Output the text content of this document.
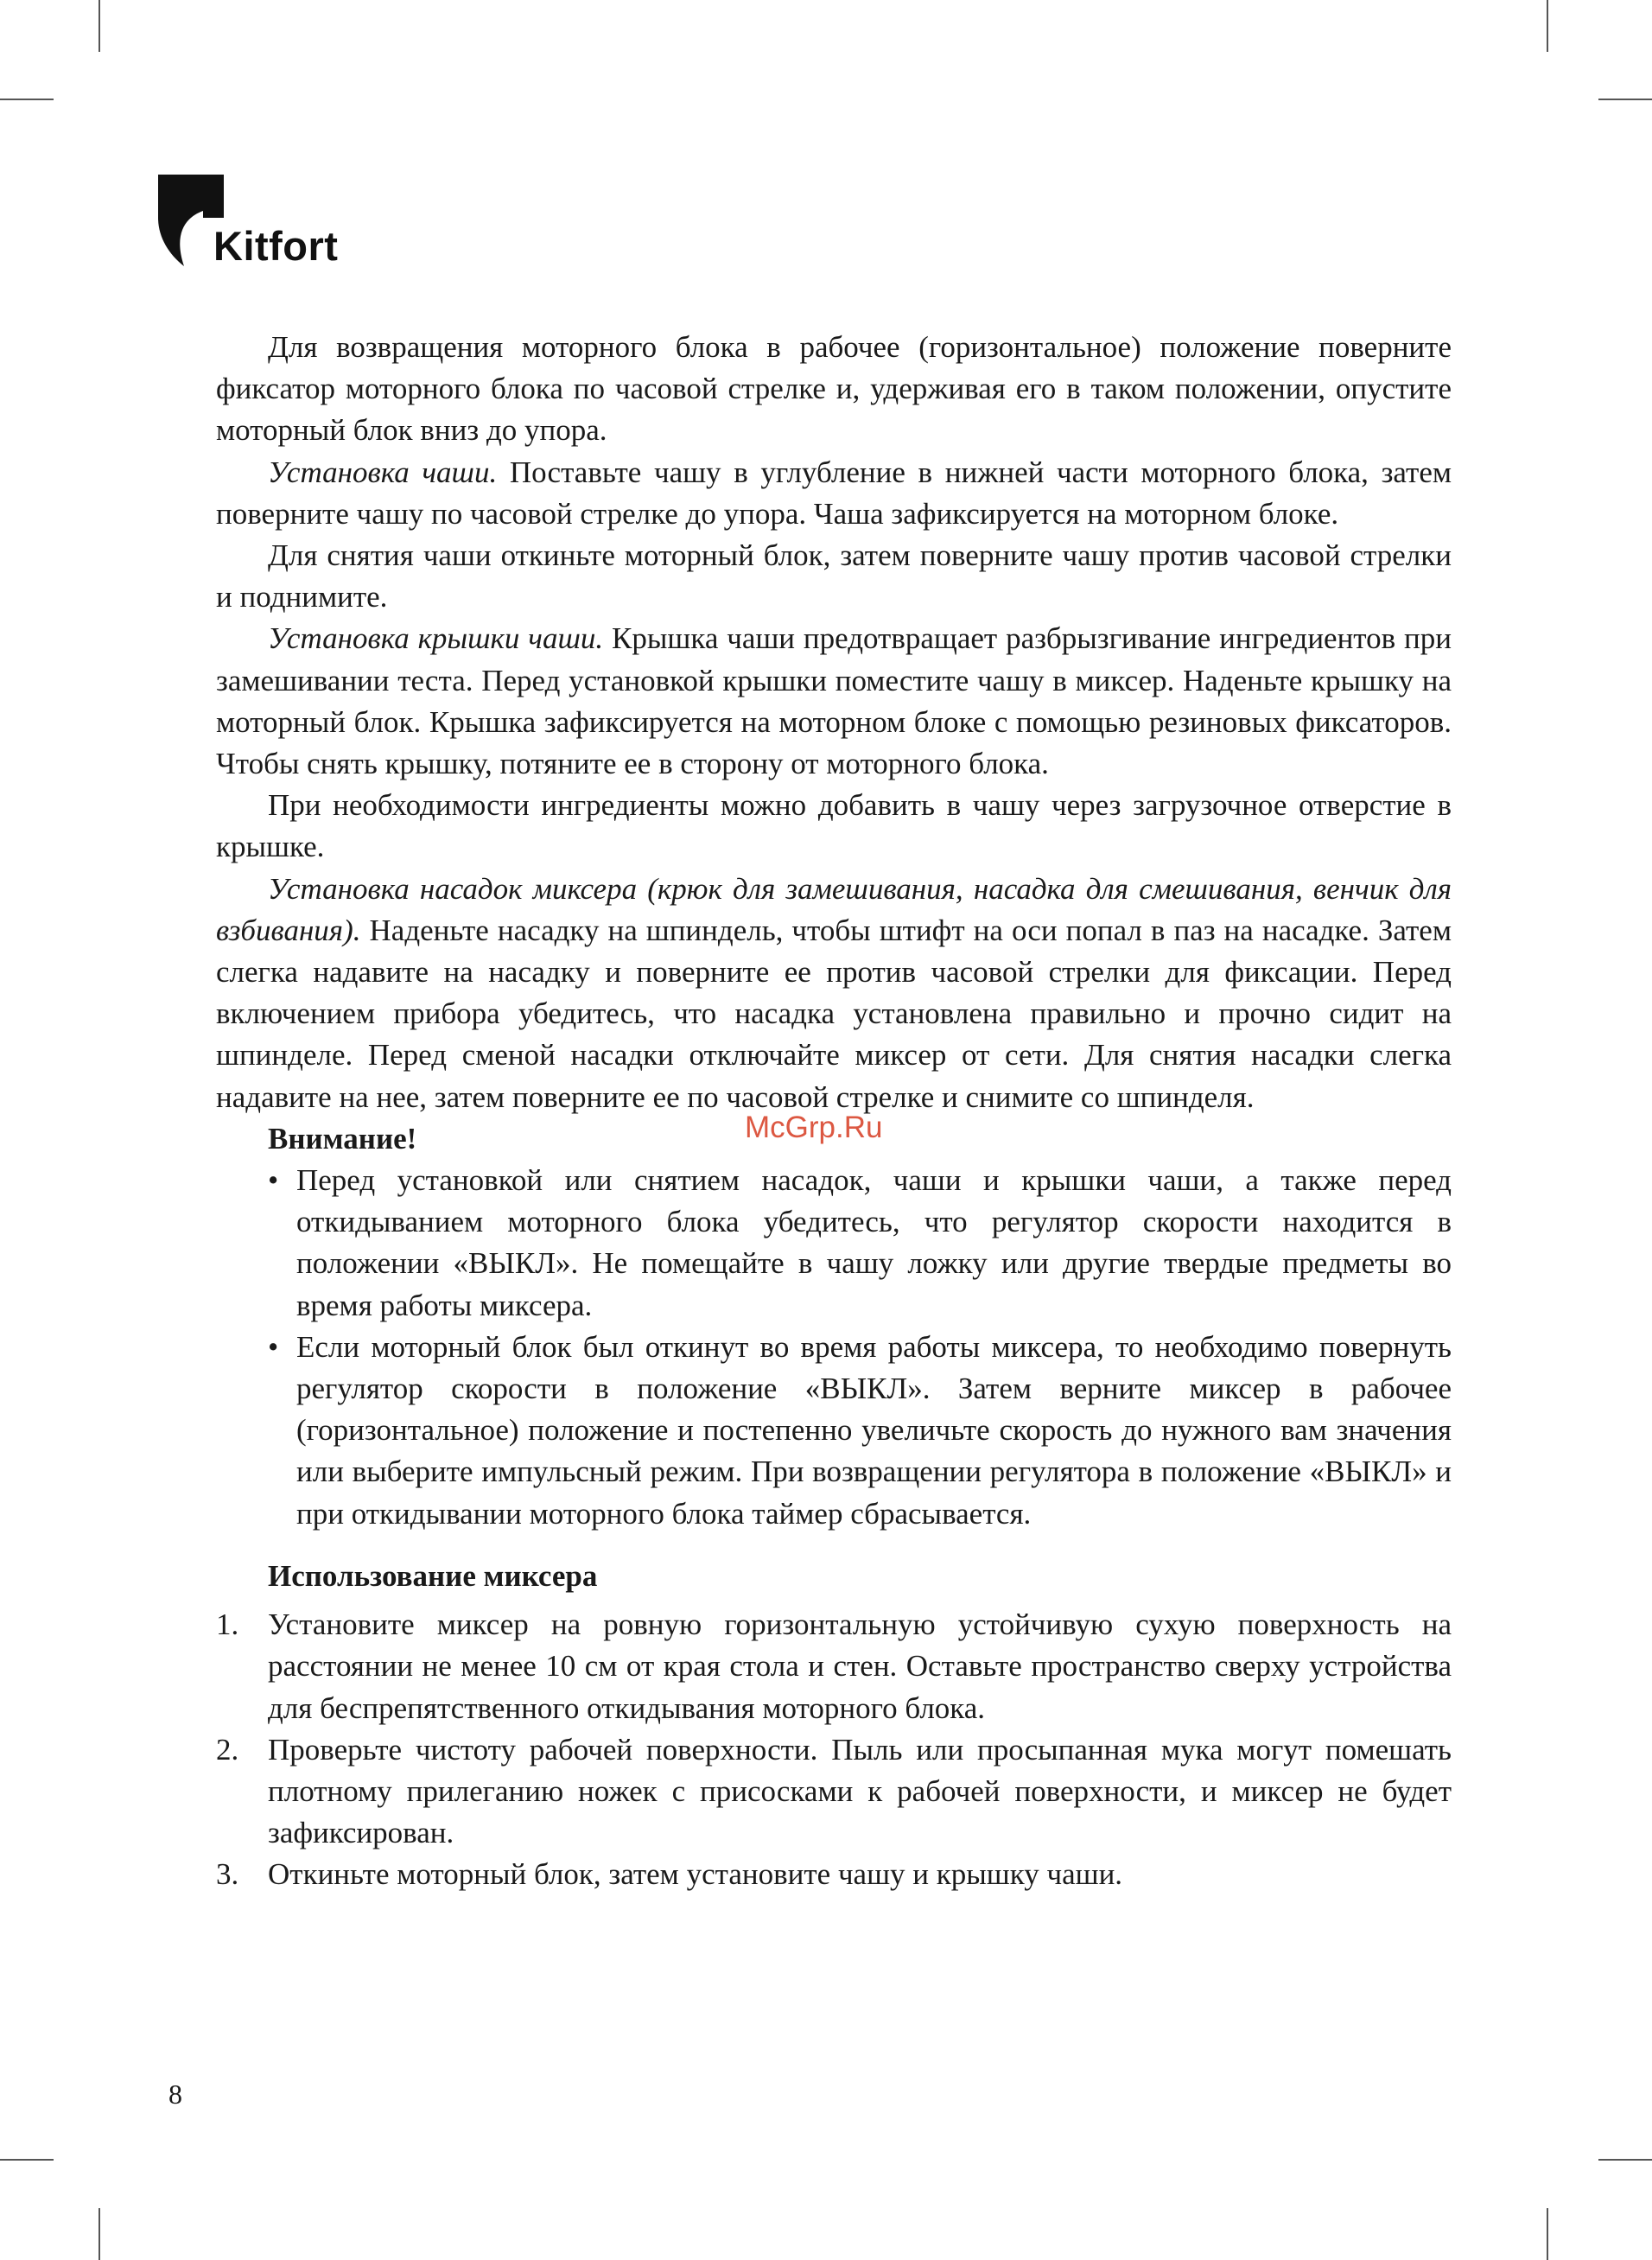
Kitfort

Для возвращения моторного блока в рабочее (горизонтальное) положение поверните фиксатор моторного блока по часовой стрелке и, удерживая его в таком положении, опустите моторный блок вниз до упора.

Установка чаши. Поставьте чашу в углубление в нижней части моторного блока, затем поверните чашу по часовой стрелке до упора. Чаша зафиксируется на моторном блоке.

Для снятия чаши откиньте моторный блок, затем поверните чашу против часовой стрелки и поднимите.

Установка крышки чаши. Крышка чаши предотвращает разбрызгивание ингредиентов при замешивании теста. Перед установкой крышки поместите чашу в миксер. Наденьте крышку на моторный блок. Крышка зафиксируется на моторном блоке с помощью резиновых фиксаторов. Чтобы снять крышку, потяните ее в сторону от моторного блока.

При необходимости ингредиенты можно добавить в чашу через загрузочное отверстие в крышке.

Установка насадок миксера (крюк для замешивания, насадка для смешивания, венчик для взбивания). Наденьте насадку на шпиндель, чтобы штифт на оси попал в паз на насадке. Затем слегка надавите на насадку и поверните ее против часовой стрелки для фиксации. Перед включением прибора убедитесь, что насадка установлена правильно и прочно сидит на шпинделе. Перед сменой насадки отключайте миксер от сети. Для снятия насадки слегка надавите на нее, затем поверните ее по часовой стрелке и снимите со шпинделя.

Внимание!

• Перед установкой или снятием насадок, чаши и крышки чаши, а также перед откидыванием моторного блока убедитесь, что регулятор скорости находится в положении «ВЫКЛ». Не помещайте в чашу ложку или другие твердые предметы во время работы миксера.
• Если моторный блок был откинут во время работы миксера, то необходимо повернуть регулятор скорости в положение «ВЫКЛ». Затем верните миксер в рабочее (горизонтальное) положение и постепенно увеличьте скорость до нужного вам значения или выберите импульсный режим. При возвращении регулятора в положение «ВЫКЛ» и при откидывании моторного блока таймер сбрасывается.

Использование миксера

1. Установите миксер на ровную горизонтальную устойчивую сухую поверхность на расстоянии не менее 10 см от края стола и стен. Оставьте пространство сверху устройства для беспрепятственного откидывания моторного блока.
2. Проверьте чистоту рабочей поверхности. Пыль или просыпанная мука могут помешать плотному прилеганию ножек с присосками к рабочей поверхности, и миксер не будет зафиксирован.
3. Откиньте моторный блок, затем установите чашу и крышку чаши.
McGrp.Ru
8
